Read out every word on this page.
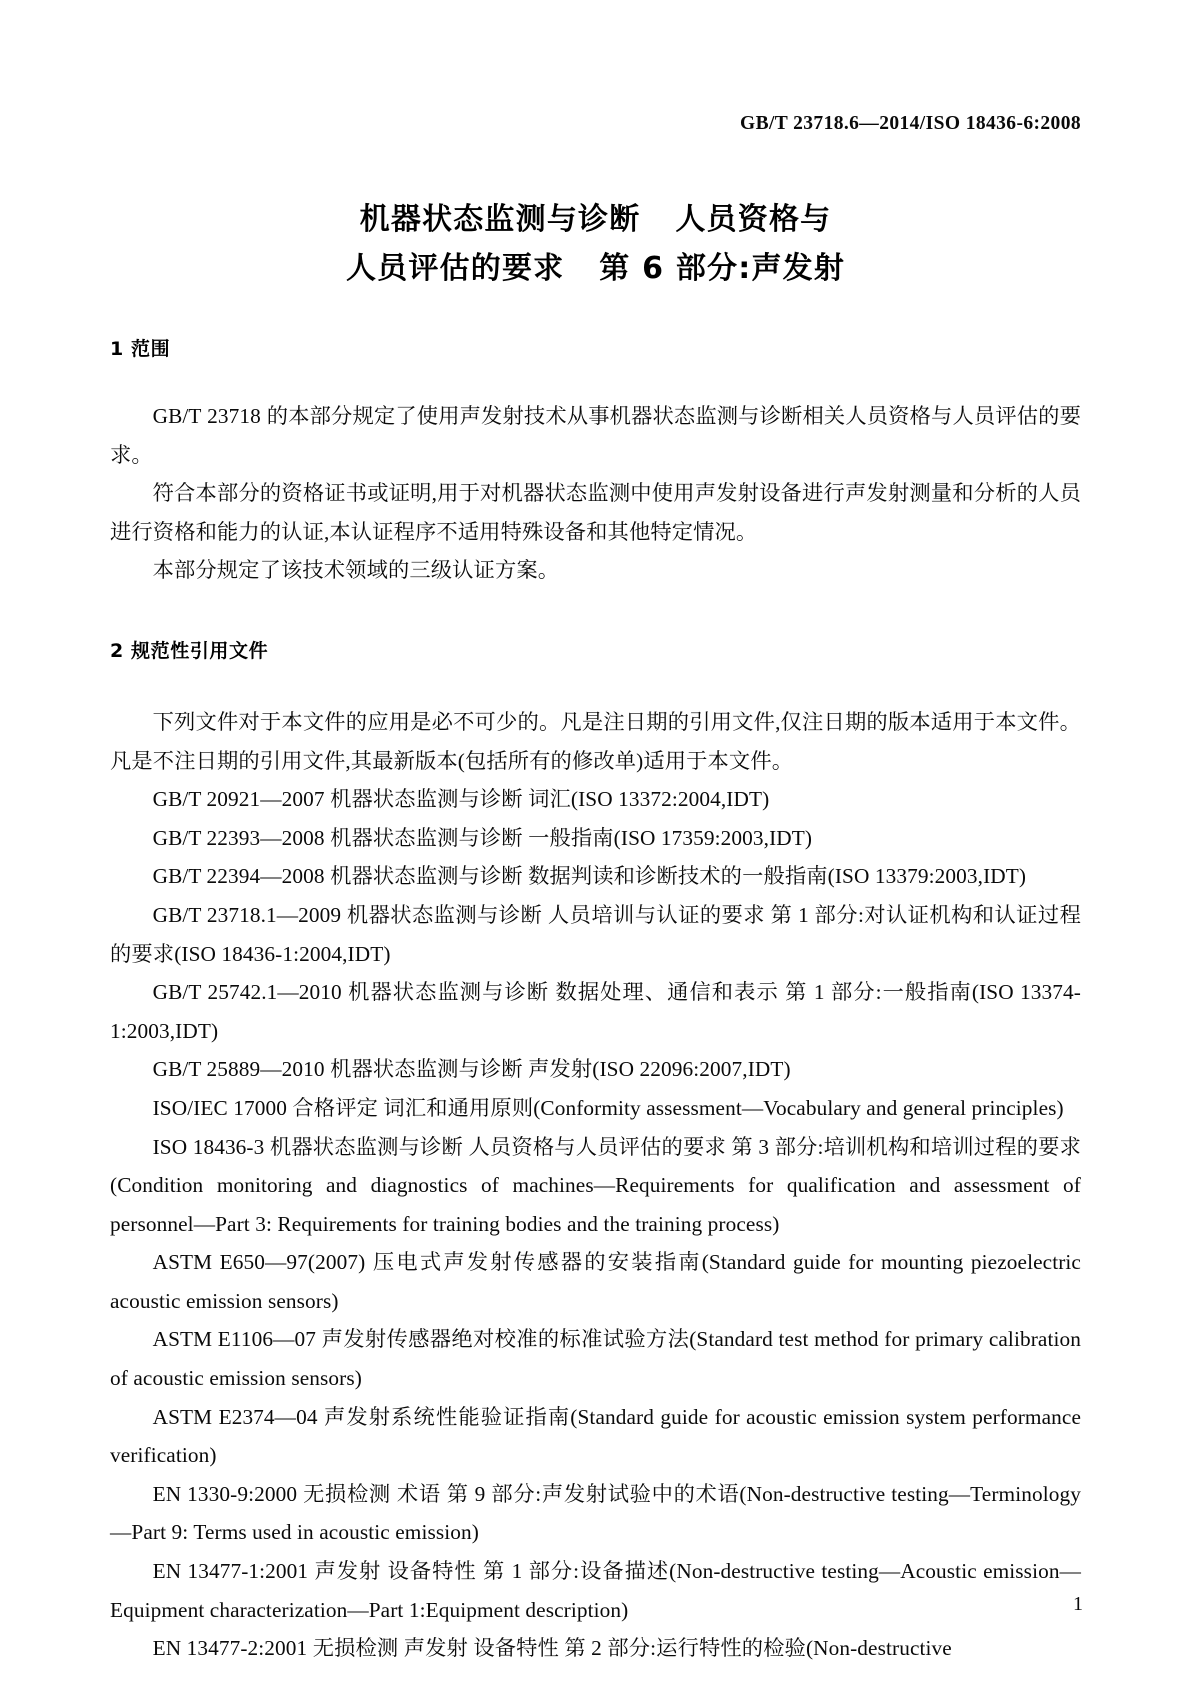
GB/T 23718.6—2014/ISO 18436-6:2008
机器状态监测与诊断   人员资格与
人员评估的要求   第 6 部分:声发射
1 范围

GB/T 23718 的本部分规定了使用声发射技术从事机器状态监测与诊断相关人员资格与人员评估的要求。

符合本部分的资格证书或证明,用于对机器状态监测中使用声发射设备进行声发射测量和分析的人员进行资格和能力的认证,本认证程序不适用特殊设备和其他特定情况。

本部分规定了该技术领域的三级认证方案。

2 规范性引用文件

下列文件对于本文件的应用是必不可少的。凡是注日期的引用文件,仅注日期的版本适用于本文件。凡是不注日期的引用文件,其最新版本(包括所有的修改单)适用于本文件。

GB/T 20921—2007 机器状态监测与诊断 词汇(ISO 13372:2004,IDT)

GB/T 22393—2008 机器状态监测与诊断 一般指南(ISO 17359:2003,IDT)

GB/T 22394—2008 机器状态监测与诊断 数据判读和诊断技术的一般指南(ISO 13379:2003,IDT)

GB/T 23718.1—2009 机器状态监测与诊断 人员培训与认证的要求 第 1 部分:对认证机构和认证过程的要求(ISO 18436-1:2004,IDT)

GB/T 25742.1—2010 机器状态监测与诊断 数据处理、通信和表示 第 1 部分:一般指南(ISO 13374-1:2003,IDT)

GB/T 25889—2010 机器状态监测与诊断 声发射(ISO 22096:2007,IDT)

ISO/IEC 17000 合格评定 词汇和通用原则(Conformity assessment—Vocabulary and general principles)

ISO 18436-3 机器状态监测与诊断 人员资格与人员评估的要求 第 3 部分:培训机构和培训过程的要求(Condition monitoring and diagnostics of machines—Requirements for qualification and assessment of personnel—Part 3: Requirements for training bodies and the training process)

ASTM E650—97(2007) 压电式声发射传感器的安装指南(Standard guide for mounting piezoelectric acoustic emission sensors)

ASTM E1106—07 声发射传感器绝对校准的标准试验方法(Standard test method for primary calibration of acoustic emission sensors)

ASTM E2374—04 声发射系统性能验证指南(Standard guide for acoustic emission system performance verification)

EN 1330-9:2000 无损检测 术语 第 9 部分:声发射试验中的术语(Non-destructive testing—Terminology—Part 9: Terms used in acoustic emission)

EN 13477-1:2001 声发射 设备特性 第 1 部分:设备描述(Non-destructive testing—Acoustic emission—Equipment characterization—Part 1:Equipment description)

EN 13477-2:2001 无损检测 声发射 设备特性 第 2 部分:运行特性的检验(Non-destructive

1
